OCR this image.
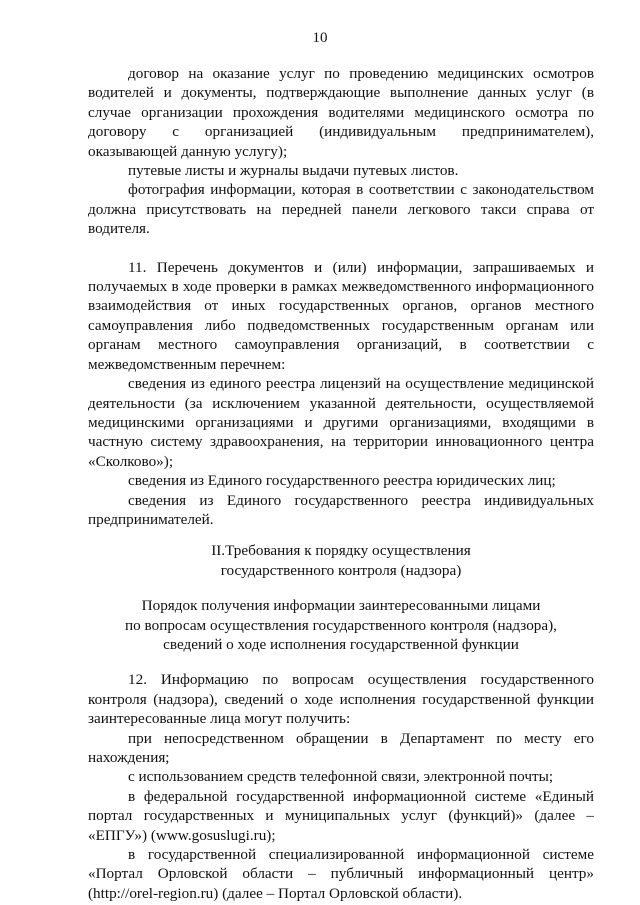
10

договор на оказание услуг по проведению медицинских осмотров водителей и документы, подтверждающие выполнение данных услуг (в случае организации прохождения водителями медицинского осмотра по договору с организацией (индивидуальным предпринимателем), оказывающей данную услугу);

путевые листы и журналы выдачи путевых листов.

фотография информации, которая в соответствии с законодательством должна присутствовать на передней панели легкового такси справа от водителя.

11. Перечень документов и (или) информации, запрашиваемых и получаемых в ходе проверки в рамках межведомственного информационного взаимодействия от иных государственных органов, органов местного самоуправления либо подведомственных государственным органам или органам местного самоуправления организаций, в соответствии с межведомственным перечнем:

сведения из единого реестра лицензий на осуществление медицинской деятельности (за исключением указанной деятельности, осуществляемой медицинскими организациями и другими организациями, входящими в частную систему здравоохранения, на территории инновационного центра «Сколково»);

сведения из Единого государственного реестра юридических лиц;

сведения из Единого государственного реестра индивидуальных предпринимателей.

II.Требования к порядку осуществления

государственного контроля (надзора)

Порядок получения информации заинтересованными лицами

по вопросам осуществления государственного контроля (надзора),

сведений о ходе исполнения государственной функции

12. Информацию по вопросам осуществления государственного контроля (надзора), сведений о ходе исполнения государственной функции заинтересованные лица могут получить:

при непосредственном обращении в Департамент по месту его нахождения;

с использованием средств телефонной связи, электронной почты;

в федеральной государственной информационной системе «Единый портал государственных и муниципальных услуг (функций)» (далее – «ЕПГУ») (www.gosuslugi.ru);

в государственной специализированной информационной системе «Портал Орловской области – публичный информационный центр» (http://orel-region.ru) (далее – Портал Орловской области).
